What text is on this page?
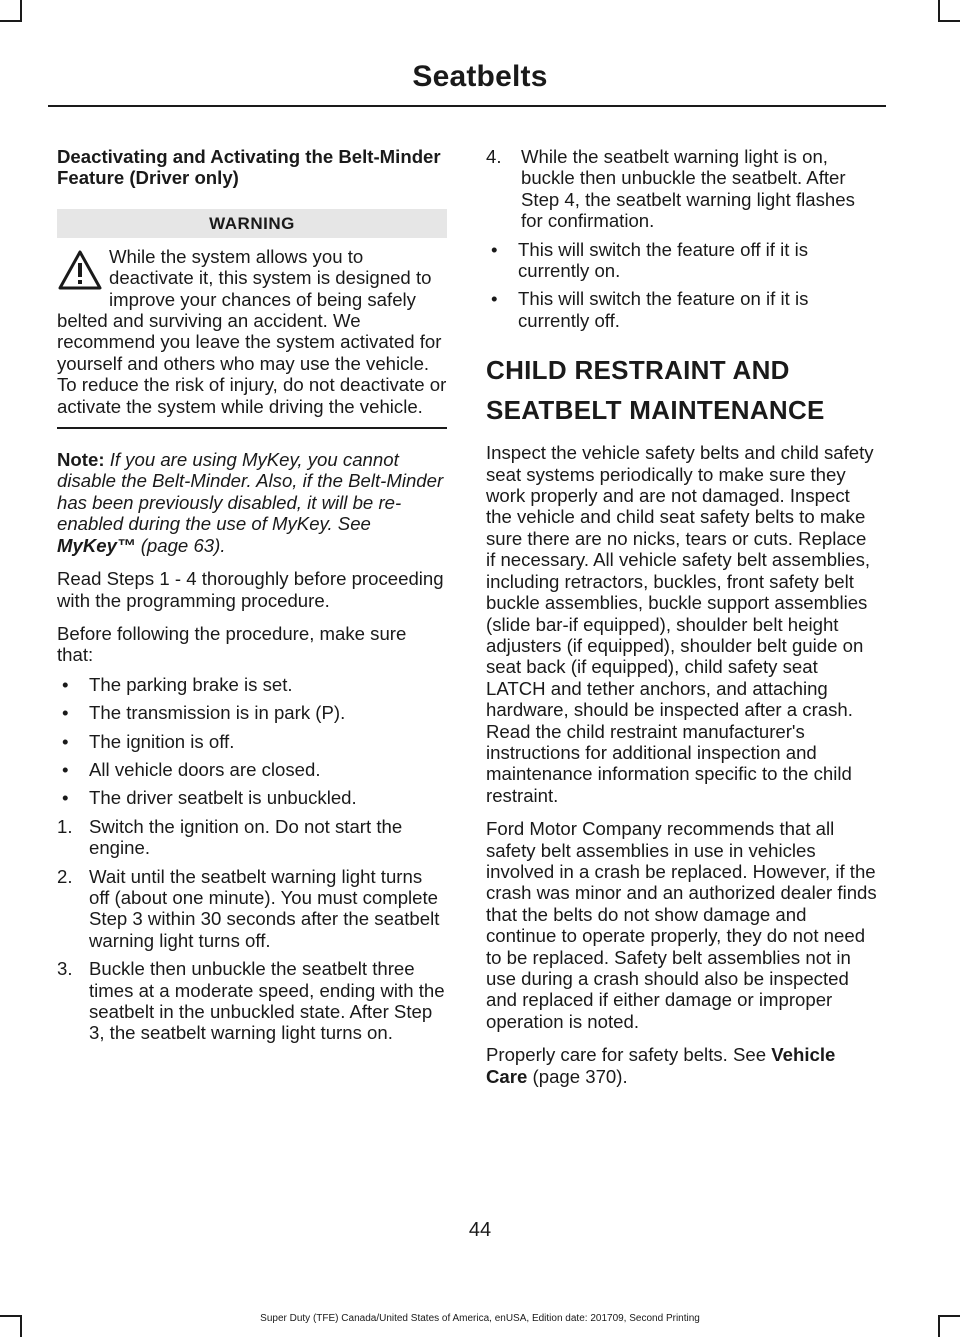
Seatbelts
Deactivating and Activating the Belt-Minder Feature (Driver only)
WARNING

While the system allows you to deactivate it, this system is designed to improve your chances of being safely belted and surviving an accident. We recommend you leave the system activated for yourself and others who may use the vehicle. To reduce the risk of injury, do not deactivate or activate the system while driving the vehicle.

Note: If you are using MyKey, you cannot disable the Belt-Minder. Also, if the Belt-Minder has been previously disabled, it will be re-enabled during the use of MyKey. See MyKey™ (page 63).

Read Steps 1 - 4 thoroughly before proceeding with the programming procedure.

Before following the procedure, make sure that:

• The parking brake is set.
• The transmission is in park (P).
• The ignition is off.
• All vehicle doors are closed.
• The driver seatbelt is unbuckled.
1. Switch the ignition on. Do not start the engine.
2. Wait until the seatbelt warning light turns off (about one minute). You must complete Step 3 within 30 seconds after the seatbelt warning light turns off.
3. Buckle then unbuckle the seatbelt three times at a moderate speed, ending with the seatbelt in the unbuckled state. After Step 3, the seatbelt warning light turns on.
4. While the seatbelt warning light is on, buckle then unbuckle the seatbelt. After Step 4, the seatbelt warning light flashes for confirmation.
• This will switch the feature off if it is currently on.
• This will switch the feature on if it is currently off.
CHILD RESTRAINT AND
SEATBELT MAINTENANCE

Inspect the vehicle safety belts and child safety seat systems periodically to make sure they work properly and are not damaged. Inspect the vehicle and child seat safety belts to make sure there are no nicks, tears or cuts. Replace if necessary. All vehicle safety belt assemblies, including retractors, buckles, front safety belt buckle assemblies, buckle support assemblies (slide bar-if equipped), shoulder belt height adjusters (if equipped), shoulder belt guide on seat back (if equipped), child safety seat LATCH and tether anchors, and attaching hardware, should be inspected after a crash. Read the child restraint manufacturer's instructions for additional inspection and maintenance information specific to the child restraint.

Ford Motor Company recommends that all safety belt assemblies in use in vehicles involved in a crash be replaced. However, if the crash was minor and an authorized dealer finds that the belts do not show damage and continue to operate properly, they do not need to be replaced. Safety belt assemblies not in use during a crash should also be inspected and replaced if either damage or improper operation is noted.

Properly care for safety belts. See Vehicle Care (page 370).

44
Super Duty (TFE) Canada/United States of America, enUSA, Edition date: 201709, Second Printing
